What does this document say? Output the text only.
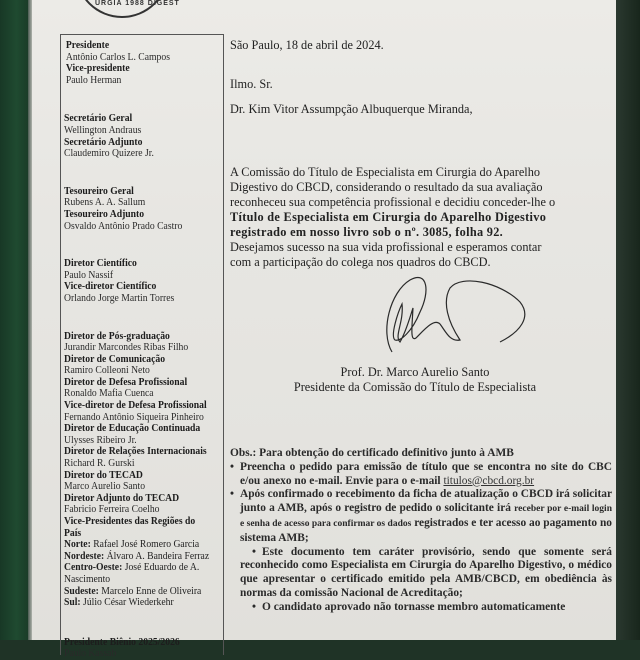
URGIA 1988 DIGEST
Presidente
Antônio Carlos L. Campos
Vice-presidente
Paulo Herman
Secretário Geral
Wellington Andraus
Secretário Adjunto
Claudemiro Quizere Jr.
Tesoureiro Geral
Rubens A. A. Sallum
Tesoureiro Adjunto
Osvaldo Antônio Prado Castro
Diretor Científico
Paulo Nassif
Vice-diretor Científico
Orlando Jorge Martin Torres
Diretor de Pós-graduação
Jurandir Marcondes Ribas Filho
Diretor de Comunicação
Ramiro Colleoni Neto
Diretor de Defesa Profissional
Ronaldo Mafia Cuenca
Vice-diretor de Defesa Profissional
Fernando Antônio Siqueira Pinheiro
Diretor de Educação Continuada
Ulysses Ribeiro Jr.
Diretor de Relações Internacionais
Richard R. Gurski
Diretor do TECAD
Marco Aurelio Santo
Diretor Adjunto do TECAD
Fabricio Ferreira Coelho
Vice-Presidentes das Regiões do País
Norte: Rafael José Romero Garcia
Nordeste: Álvaro A. Bandeira Ferraz
Centro-Oeste: José Eduardo de A. Nascimento
Sudeste: Marcelo Enne de Oliveira
Sul: Júlio César Wiederkehr
Presidente Biênio 2025/2026
Paulo Kassab

São Paulo, 18 de abril de 2024.

Ilmo. Sr.

Dr. Kim Vitor Assumpção Albuquerque Miranda,

A Comissão do Título de Especialista em Cirurgia do Aparelho
Digestivo do CBCD, considerando o resultado da sua avaliação
reconheceu sua competência profissional e decidiu conceder-lhe o
Título de Especialista em Cirurgia do Aparelho Digestivo
registrado em nosso livro sob o nº. 3085, folha 92.
Desejamos sucesso na sua vida profissional e esperamos contar
com a participação do colega nos quadros do CBCD.
Prof. Dr. Marco Aurelio Santo
Presidente da Comissão do Título de Especialista
Obs.: Para obtenção do certificado definitivo junto à AMB
• Preencha o pedido para emissão de título que se encontra no site do CBC e/ou anexo no e-mail. Envie para o e-mail titulos@cbcd.org.br
• Após confirmado o recebimento da ficha de atualização o CBCD irá solicitar junto a AMB, após o registro de pedido o solicitante irá receber por e-mail login e senha de acesso para confirmar os dados registrados e ter acesso ao pagamento no sistema AMB;
• Este documento tem caráter provisório, sendo que somente será reconhecido como Especialista em Cirurgia do Aparelho Digestivo, o médico que apresentar o certificado emitido pela AMB/CBCD, em obediência às normas da comissão Nacional de Acreditação;
• O candidato aprovado não tornasse membro automaticamente
